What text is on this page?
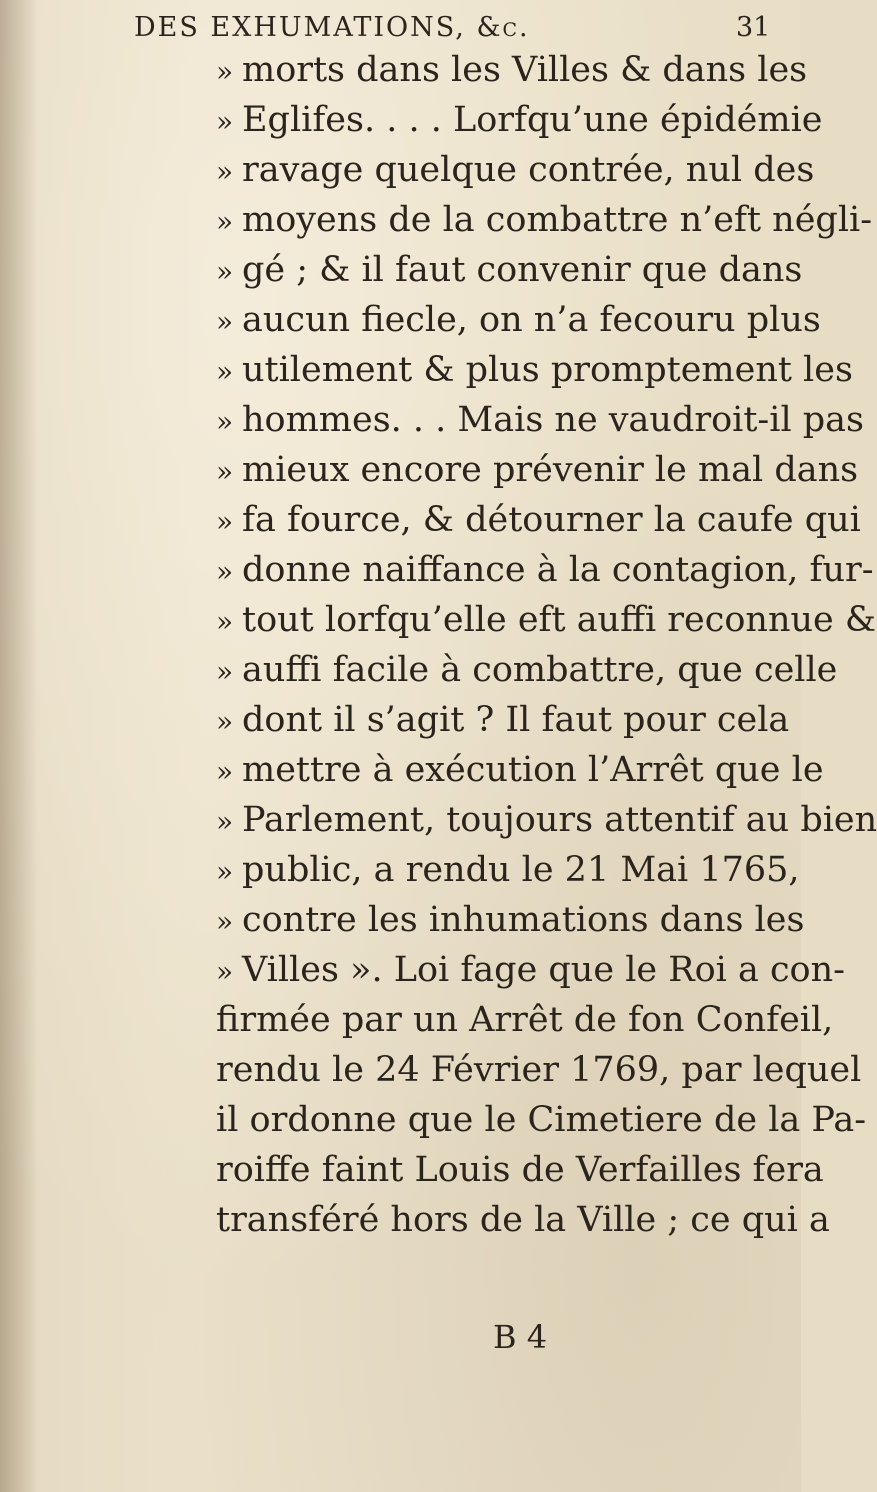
DES EXHUMATIONS, &c.	31
» morts dans les Villes & dans les
» Eglifes. . . . Lorfqu’une épidémie
» ravage quelque contrée, nul des
» moyens de la combattre n’eft négli-
» gé ; & il faut convenir que dans
» aucun fiecle, on n’a fecouru plus
» utilement & plus promptement les
» hommes. . . Mais ne vaudroit-il pas
» mieux encore prévenir le mal dans
» fa fource, & détourner la caufe qui
» donne naiffance à la contagion, fur-
» tout lorfqu’elle eft auffi reconnue &
» auffi facile à combattre, que celle
» dont il s’agit ? Il faut pour cela
» mettre à exécution l’Arrêt que le
» Parlement, toujours attentif au bien
» public, a rendu le 21 Mai 1765,
» contre les inhumations dans les
» Villes ». Loi fage que le Roi a con-
firmée par un Arrêt de fon Confeil,
rendu le 24 Février 1769, par lequel
il ordonne que le Cimetiere de la Pa-
roiffe faint Louis de Verfailles fera
transféré hors de la Ville ; ce qui a
B 4
